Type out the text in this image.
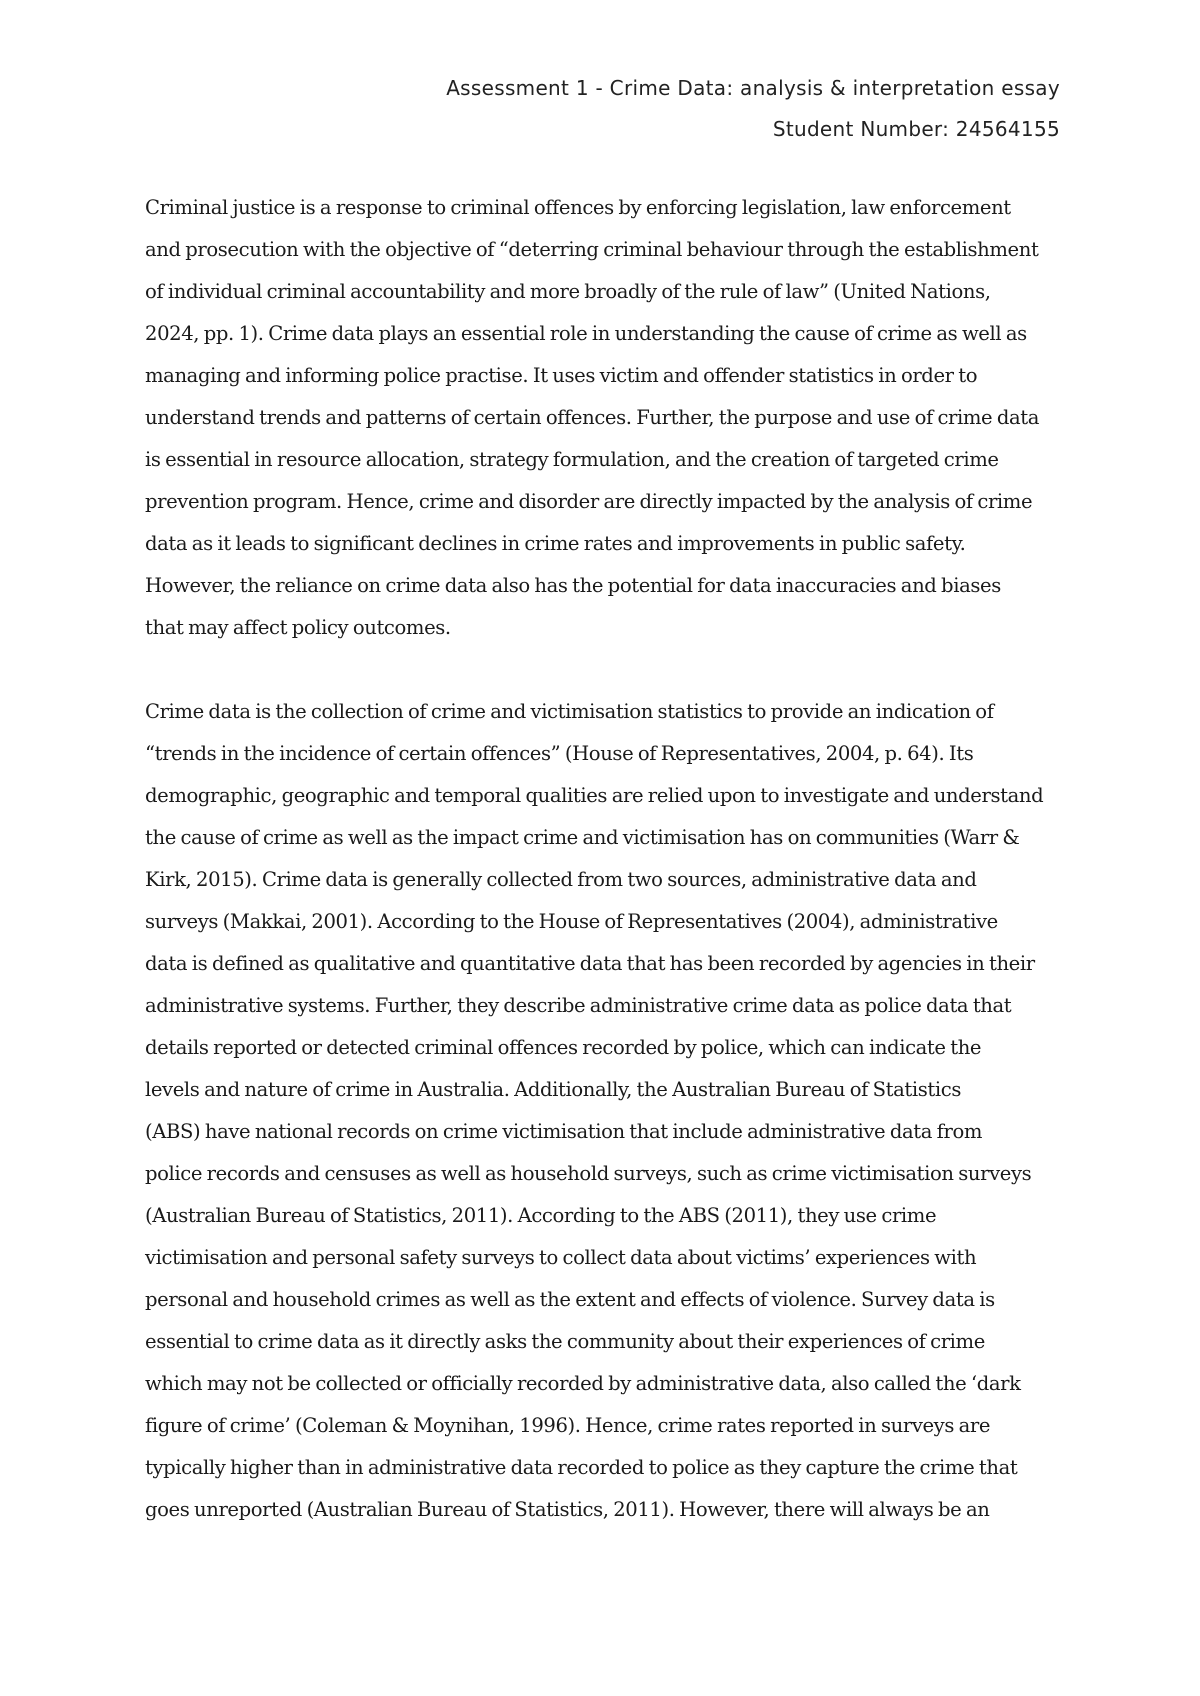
Assessment 1 - Crime Data: analysis & interpretation essay
Student Number: 24564155

Criminal justice is a response to criminal offences by enforcing legislation, law enforcement
and prosecution with the objective of “deterring criminal behaviour through the establishment
of individual criminal accountability and more broadly of the rule of law” (United Nations,
2024, pp. 1). Crime data plays an essential role in understanding the cause of crime as well as
managing and informing police practise. It uses victim and offender statistics in order to
understand trends and patterns of certain offences. Further, the purpose and use of crime data
is essential in resource allocation, strategy formulation, and the creation of targeted crime
prevention program. Hence, crime and disorder are directly impacted by the analysis of crime
data as it leads to significant declines in crime rates and improvements in public safety.
However, the reliance on crime data also has the potential for data inaccuracies and biases
that may affect policy outcomes.

Crime data is the collection of crime and victimisation statistics to provide an indication of
“trends in the incidence of certain offences” (House of Representatives, 2004, p. 64). Its
demographic, geographic and temporal qualities are relied upon to investigate and understand
the cause of crime as well as the impact crime and victimisation has on communities (Warr &
Kirk, 2015). Crime data is generally collected from two sources, administrative data and
surveys (Makkai, 2001). According to the House of Representatives (2004), administrative
data is defined as qualitative and quantitative data that has been recorded by agencies in their
administrative systems. Further, they describe administrative crime data as police data that
details reported or detected criminal offences recorded by police, which can indicate the
levels and nature of crime in Australia. Additionally, the Australian Bureau of Statistics
(ABS) have national records on crime victimisation that include administrative data from
police records and censuses as well as household surveys, such as crime victimisation surveys
(Australian Bureau of Statistics, 2011). According to the ABS (2011), they use crime
victimisation and personal safety surveys to collect data about victims’ experiences with
personal and household crimes as well as the extent and effects of violence. Survey data is
essential to crime data as it directly asks the community about their experiences of crime
which may not be collected or officially recorded by administrative data, also called the ‘dark
figure of crime’ (Coleman & Moynihan, 1996). Hence, crime rates reported in surveys are
typically higher than in administrative data recorded to police as they capture the crime that
goes unreported (Australian Bureau of Statistics, 2011). However, there will always be an
